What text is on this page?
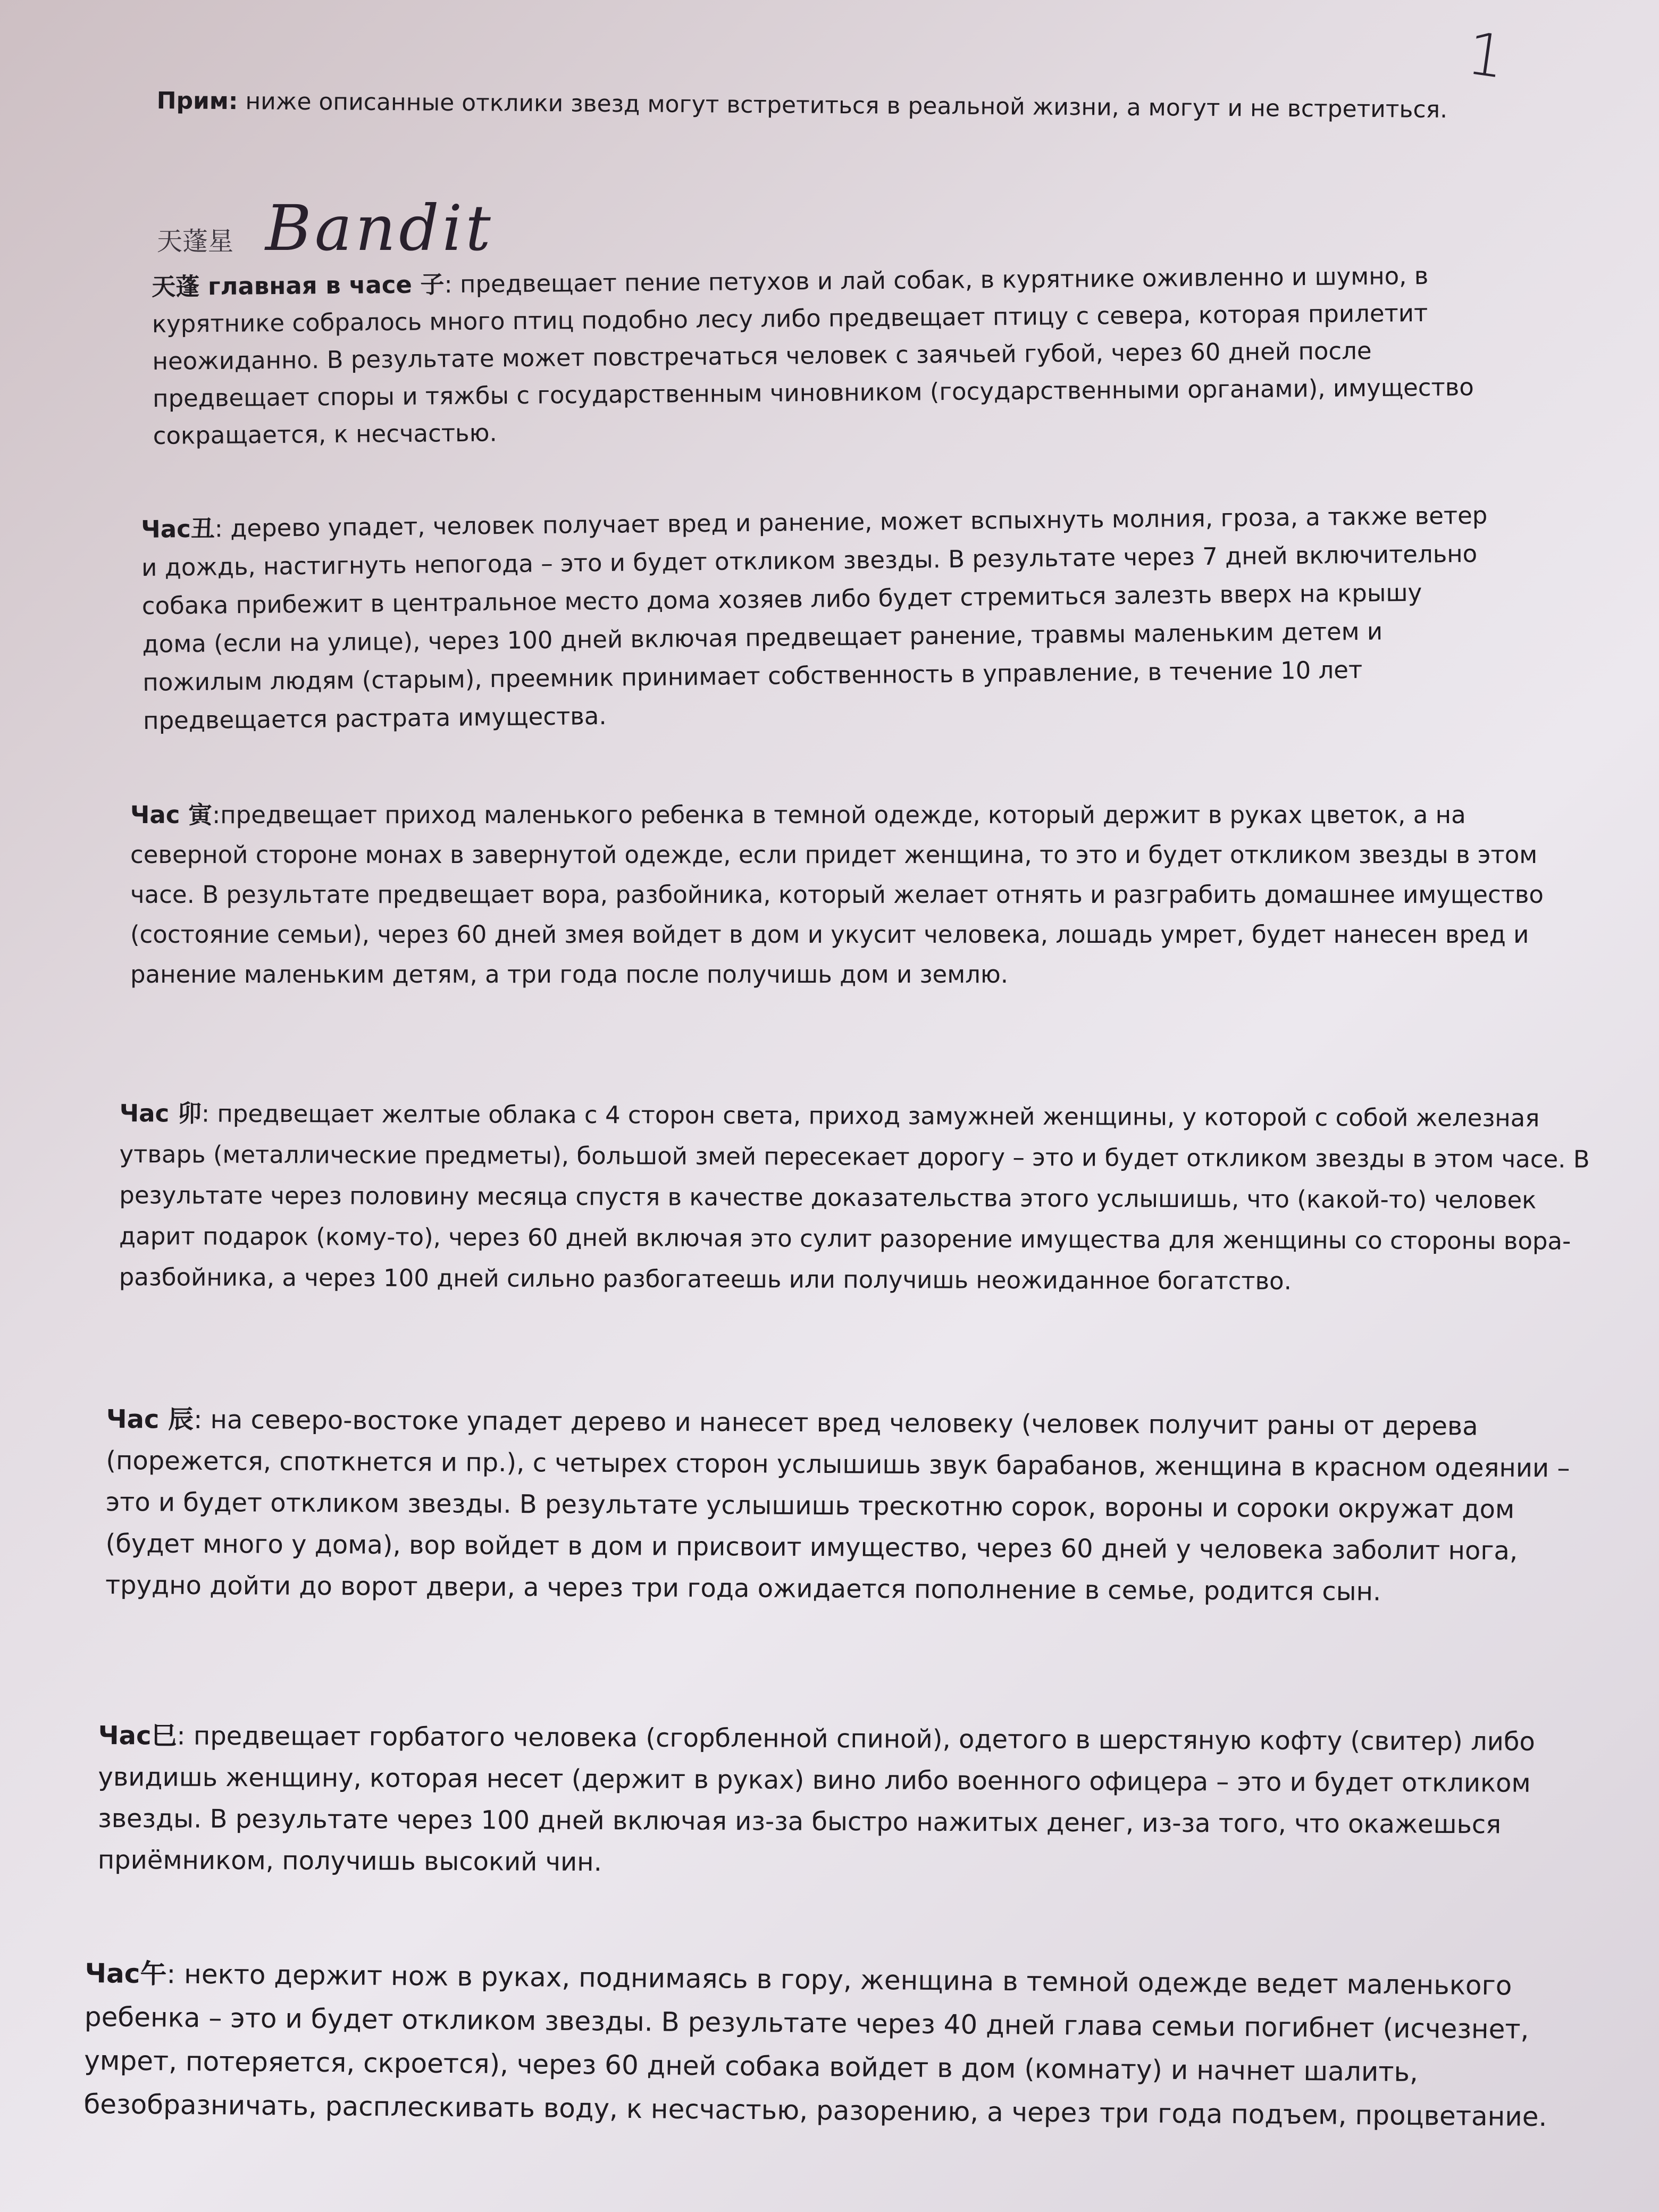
1
Прим: ниже описанные отклики звезд могут встретиться в реальной жизни, а могут и не встретиться.
天蓬星 Bandit
天蓬 главная в часе 子: предвещает пение петухов и лай собак, в курятнике оживленно и шумно, в курятнике собралось много птиц подобно лесу либо предвещает птицу с севера, которая прилетит неожиданно. В результате может повстречаться человек с заячьей губой, через 60 дней после предвещает споры и тяжбы с государственным чиновником (государственными органами), имущество сокращается, к несчастью.
Час丑: дерево упадет, человек получает вред и ранение, может вспыхнуть молния, гроза, а также ветер и дождь, настигнуть непогода – это и будет откликом звезды. В результате через 7 дней включительно собака прибежит в центральное место дома хозяев либо будет стремиться залезть вверх на крышу дома (если на улице), через 100 дней включая предвещает ранение, травмы маленьким детем и пожилым людям (старым), преемник принимает собственность в управление, в течение 10 лет предвещается растрата имущества.
Час 寅:предвещает приход маленького ребенка в темной одежде, который держит в руках цветок, а на северной стороне монах в завернутой одежде, если придет женщина, то это и будет откликом звезды в этом часе. В результате предвещает вора, разбойника, который желает отнять и разграбить домашнее имущество (состояние семьи), через 60 дней змея войдет в дом и укусит человека, лошадь умрет, будет нанесен вред и ранение маленьким детям, а три года после получишь дом и землю.
Час 卯: предвещает желтые облака с 4 сторон света, приход замужней женщины, у которой с собой железная утварь (металлические предметы), большой змей пересекает дорогу – это и будет откликом звезды в этом часе. В результате через половину месяца спустя в качестве доказательства этого услышишь, что (какой-то) человек дарит подарок (кому-то), через 60 дней включая это сулит разорение имущества для женщины со стороны вора-разбойника, а через 100 дней сильно разбогатеешь или получишь неожиданное богатство.
Час 辰: на северо-востоке упадет дерево и нанесет вред человеку (человек получит раны от дерева (порежется, споткнется и пр.), с четырех сторон услышишь звук барабанов, женщина в красном одеянии – это и будет откликом звезды. В результате услышишь трескотню сорок, вороны и сороки окружат дом (будет много у дома), вор войдет в дом и присвоит имущество, через 60 дней у человека заболит нога, трудно дойти до ворот двери, а через три года ожидается пополнение в семье, родится сын.
Час巳: предвещает горбатого человека (сгорбленной спиной), одетого в шерстяную кофту (свитер) либо увидишь женщину, которая несет (держит в руках) вино либо военного офицера – это и будет откликом звезды. В результате через 100 дней включая из-за быстро нажитых денег, из-за того, что окажешься приёмником, получишь высокий чин.
Час午: некто держит нож в руках, поднимаясь в гору, женщина в темной одежде ведет маленького ребенка – это и будет откликом звезды. В результате через 40 дней глава семьи погибнет (исчезнет, умрет, потеряется, скроется), через 60 дней собака войдет в дом (комнату) и начнет шалить, безобразничать, расплескивать воду, к несчастью, разорению, а через три года подъем, процветание.
